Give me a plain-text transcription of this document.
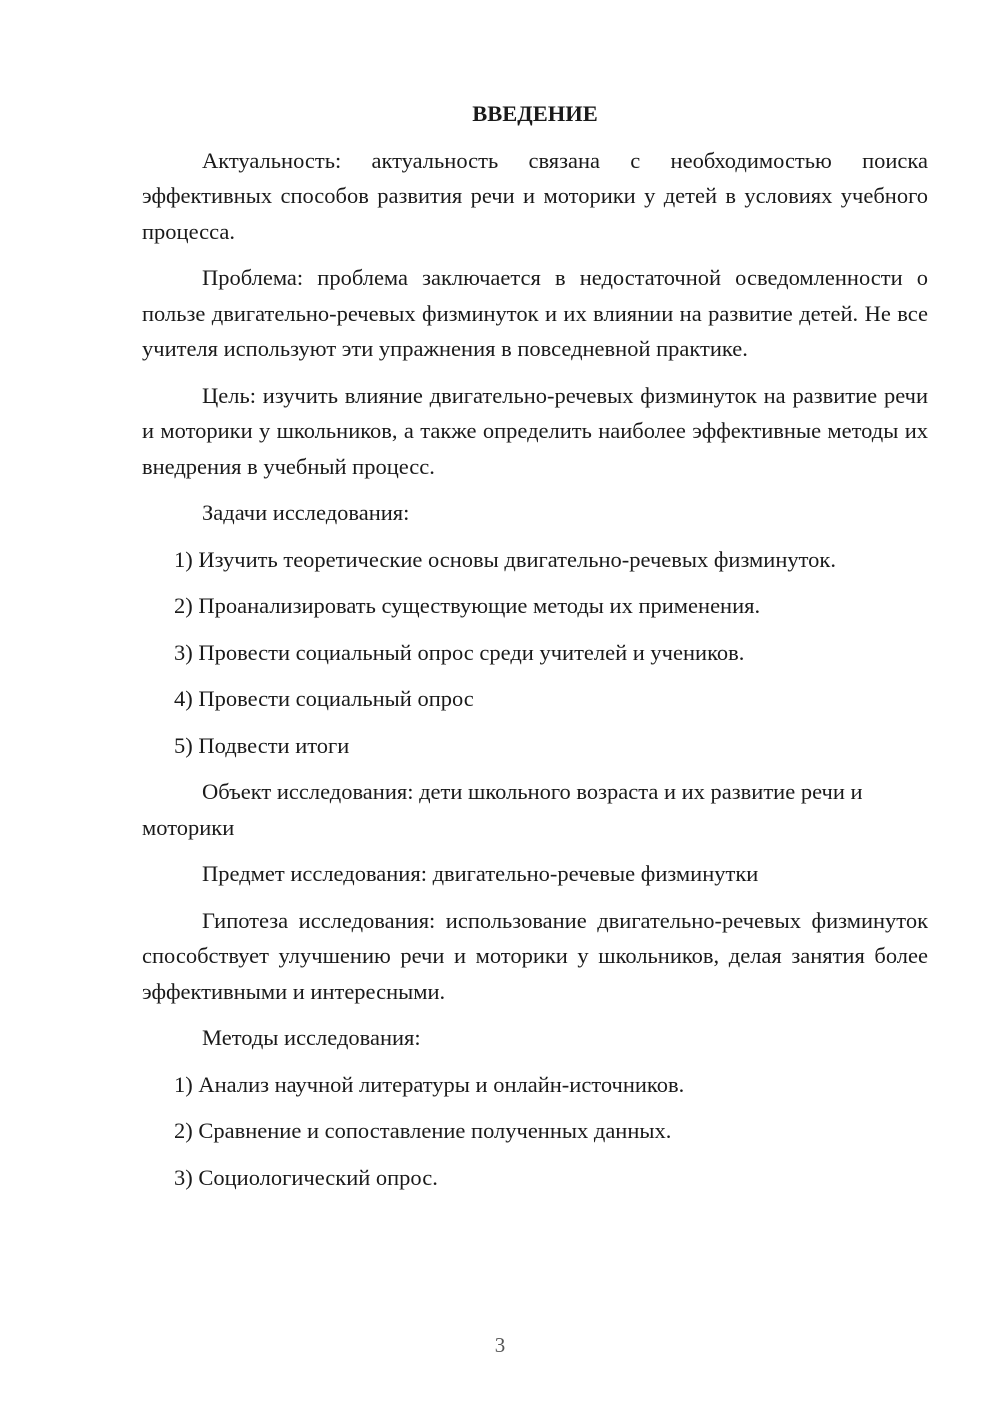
ВВЕДЕНИЕ

Актуальность: актуальность связана с необходимостью поиска эффективных способов развития речи и моторики у детей в условиях учебного процесса.

Проблема: проблема заключается в недостаточной осведомленности о пользе двигательно-речевых физминуток и их влиянии на развитие детей. Не все учителя используют эти упражнения в повседневной практике.

Цель: изучить влияние двигательно-речевых физминуток на развитие речи и моторики у школьников, а также определить наиболее эффективные методы их внедрения в учебный процесс.

Задачи исследования:

1) Изучить теоретические основы двигательно-речевых физминуток.

2) Проанализировать существующие методы их применения.

3) Провести социальный опрос среди учителей и учеников.

4) Провести социальный опрос

5) Подвести итоги

Объект исследования: дети школьного возраста и их развитие речи и моторики

Предмет исследования: двигательно-речевые физминутки

Гипотеза исследования: использование двигательно-речевых физминуток способствует улучшению речи и моторики у школьников, делая занятия более эффективными и интересными.

Методы исследования:

1) Анализ научной литературы и онлайн-источников.

2) Сравнение и сопоставление полученных данных.

3) Социологический опрос.

3
